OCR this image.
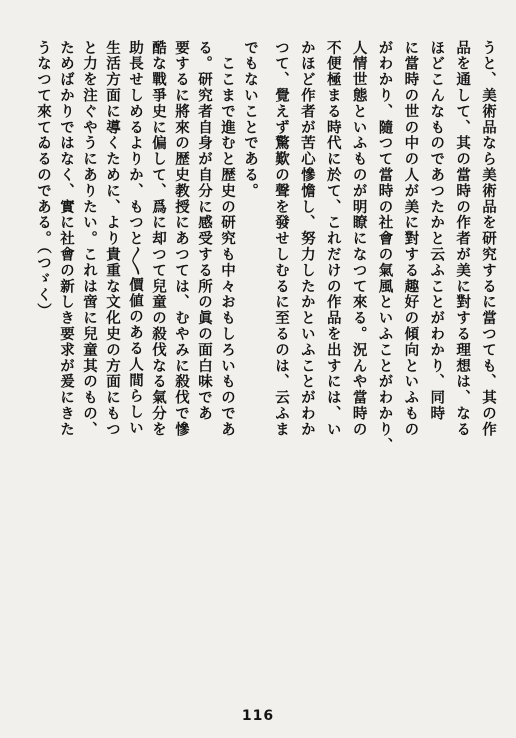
うと、美術品なら美術品を研究するに當つても、其の作
品を通して、其の當時の作者が美に對する理想は、なる
ほどこんなものであつたかと云ふことがわかり、同時
に當時の世の中の人が美に對する趣好の傾向といふもの
がわかり、隨つて當時の社會の氣風といふことがわかり、
人情世態といふものが明瞭になつて來る。況んや當時の
不便極まる時代に於て、これだけの作品を出すには、い
かほど作者が苦心慘憺し、努力したかといふことがわか
つて、覺えず驚歎の聲を發せしむるに至るのは、云ふま
でもないことである。
　ここまで進むと歴史の研究も中々おもしろいものであ
る。研究者自身が自分に感受する所の眞の面白味であ
要するに將來の歴史教授にあつては、むやみに殺伐で慘
酷な戰爭史に偏して、爲に却つて兒童の殺伐なる氣分を
助長せしめるよりか、もつと〳〵價値のある人間らしい
生活方面に導くために、より貴重な文化史の方面にもつ
と力を注ぐやうにありたい。これは啻に兒童其のもの、
ためばかりではなく、實に社會の新しき要求が爰にきた
うなつて來てゐるのである。（つゞく）
116
